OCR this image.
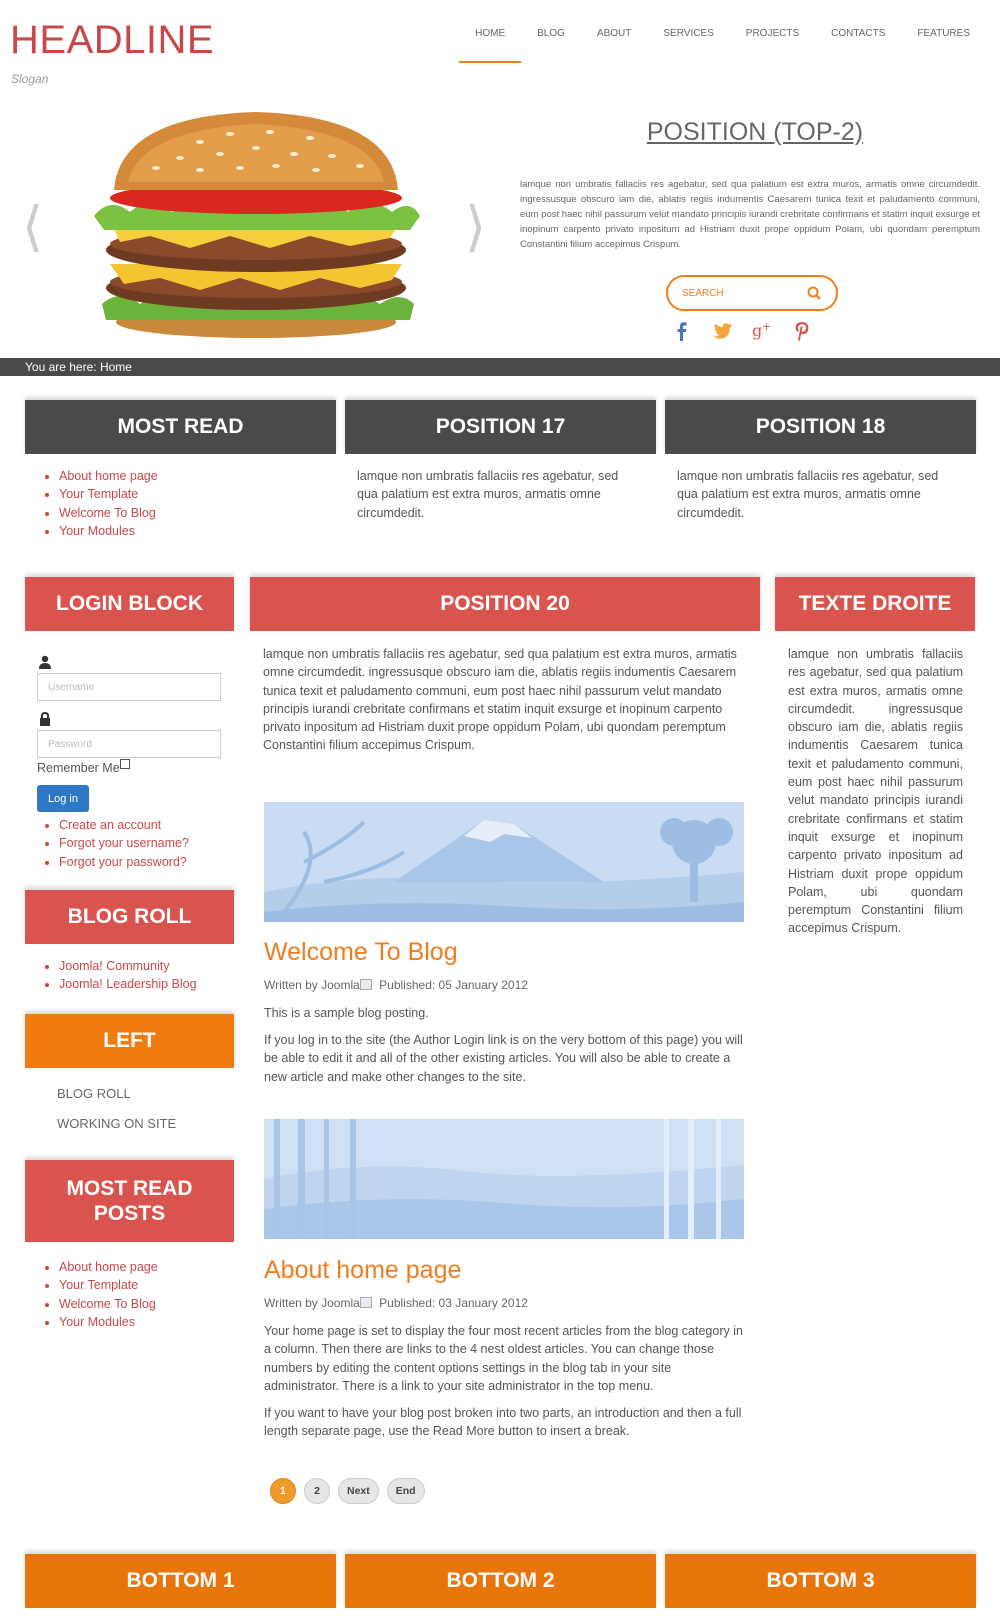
HEADLINE
Slogan
HOME	BLOG	ABOUT	SERVICES	PROJECTS	CONTACTS	FEATURES
⟨	⟩
POSITION (TOP-2)
lamque non umbratis fallaciis res agebatur, sed qua palatium est extra muros, armatis omne circumdedit. ingressusque obscuro iam die, ablatis regiis indumentis Caesarem tunica texit et paludamento communi, eum post haec nihil passurum velut mandato principis iurandi crebritate confirmans et statim inquit exsurge et inopinum carpento privato inpositum ad Histriam duxit prope oppidum Polam, ubi quondam peremptum Constantini filium accepimus Crispum.
SEARCH
g +
You are here: Home
MOST READ
• About home page
• Your Template
• Welcome To Blog
• Your Modules
POSITION 17
lamque non umbratis fallaciis res agebatur, sed qua palatium est extra muros, armatis omne circumdedit.
POSITION 18
lamque non umbratis fallaciis res agebatur, sed qua palatium est extra muros, armatis omne circumdedit.
LOGIN BLOCK
Username
Remember Me
Log in
• Create an account
• Forgot your username?
• Forgot your password?
BLOG ROLL
• Joomla! Community
• Joomla! Leadership Blog
LEFT
BLOG ROLL
WORKING ON SITE
MOST READ
POSTS
• About home page
• Your Template
• Welcome To Blog
• Your Modules
POSITION 20
lamque non umbratis fallaciis res agebatur, sed qua palatium est extra muros, armatis omne circumdedit. ingressusque obscuro iam die, ablatis regiis indumentis Caesarem tunica texit et paludamento communi, eum post haec nihil passurum velut mandato principis iurandi crebritate confirmans et statim inquit exsurge et inopinum carpento privato inpositum ad Histriam duxit prope oppidum Polam, ubi quondam peremptum Constantini filium accepimus Crispum.
Welcome To Blog
Written by Joomla Published: 05 January 2012
This is a sample blog posting.
If you log in to the site (the Author Login link is on the very bottom of this page) you will be able to edit it and all of the other existing articles. You will also be able to create a new article and make other changes to the site.
About home page
Written by Joomla Published: 03 January 2012
Your home page is set to display the four most recent articles from the blog category in a column. Then there are links to the 4 nest oldest articles. You can change those numbers by editing the content options settings in the blog tab in your site administrator. There is a link to your site administrator in the top menu.
If you want to have your blog post broken into two parts, an introduction and then a full length separate page, use the Read More button to insert a break.
1	2	Next	End
TEXTE DROITE
lamque non umbratis fallaciis res agebatur, sed qua palatium est extra muros, armatis omne circumdedit. ingressusque obscuro iam die, ablatis regiis indumentis Caesarem tunica texit et paludamento communi, eum post haec nihil passurum velut mandato principis iurandi crebritate confirmans et statim inquit exsurge et inopinum carpento privato inpositum ad Histriam duxit prope oppidum Polam, ubi quondam peremptum Constantini filium accepimus Crispum.
BOTTOM 1	BOTTOM 2	BOTTOM 3
